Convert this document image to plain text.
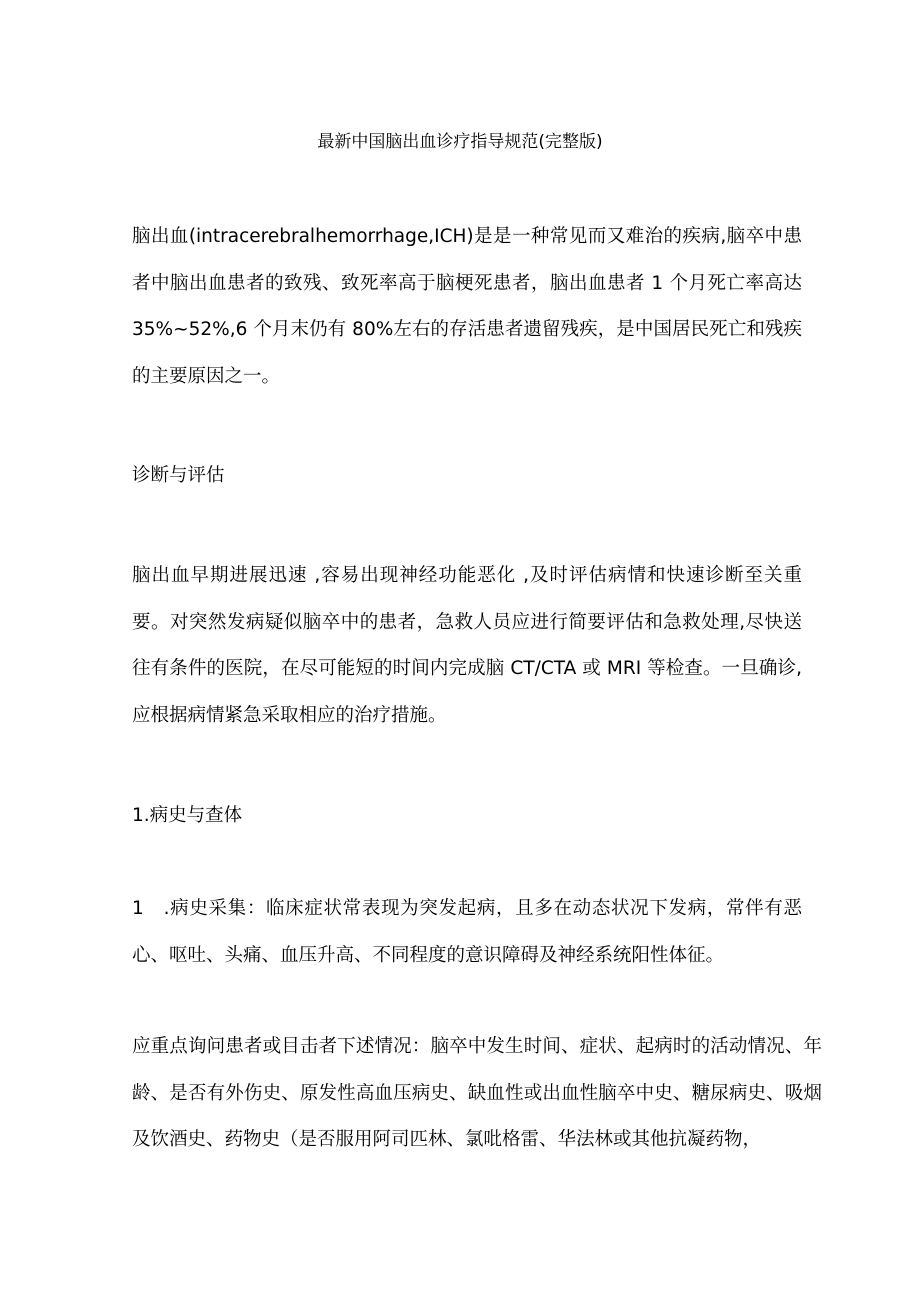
最新中国脑出血诊疗指导规范(完整版)

脑出血(intracerebralhemorrhage,ICH)是是一种常见而又难治的疾病,脑卒中患者中脑出血患者的致残、致死率高于脑梗死患者，脑出血患者 1 个月死亡率高达 35%~52%,6 个月末仍有 80%左右的存活患者遗留残疾，是中国居民死亡和残疾的主要原因之一。

诊断与评估

脑出血早期进展迅速 ,容易出现神经功能恶化 ,及时评估病情和快速诊断至关重要。对突然发病疑似脑卒中的患者，急救人员应进行简要评估和急救处理,尽快送往有条件的医院，在尽可能短的时间内完成脑 CT/CTA 或 MRI 等检查。一旦确诊,应根据病情紧急采取相应的治疗措施。

1.病史与查体

1　.病史采集：临床症状常表现为突发起病，且多在动态状况下发病，常伴有恶心、呕吐、头痛、血压升高、不同程度的意识障碍及神经系统阳性体征。

应重点询问患者或目击者下述情况：脑卒中发生时间、症状、起病时的活动情况、年龄、是否有外伤史、原发性高血压病史、缺血性或出血性脑卒中史、糖尿病史、吸烟及饮酒史、药物史（是否服用阿司匹林、氯吡格雷、华法林或其他抗凝药物，
